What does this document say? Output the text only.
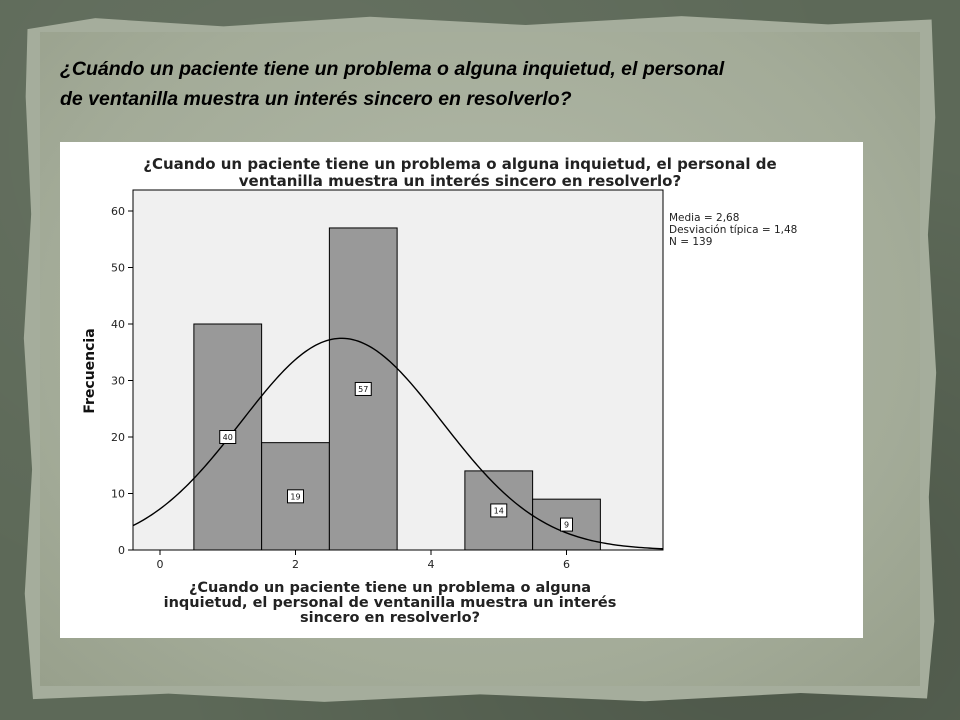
¿Cuándo un paciente tiene un problema o alguna inquietud, el personal
de ventanilla muestra un interés sincero en resolverlo?

¿Cuando un paciente tiene un problema o alguna inquietud, el personal de
ventanilla muestra un interés sincero en resolverlo?
0
10
20
30
40
50
60
0	2	4	6
40
19
57
14
9
Frecuencia
¿Cuando un paciente tiene un problema o alguna
inquietud, el personal de ventanilla muestra un interés
sincero en resolverlo?
Media = 2,68
Desviación típica = 1,48
N = 139
